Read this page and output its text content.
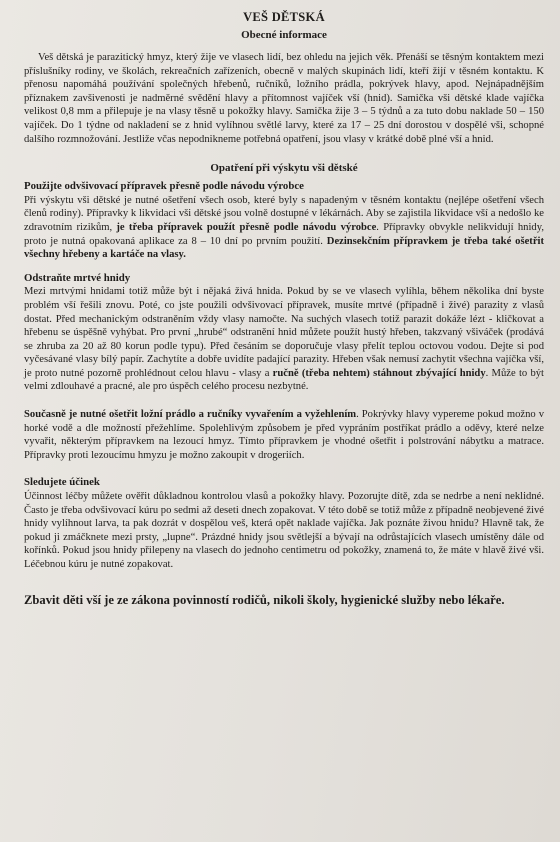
VEŠ DĚTSKÁ
Obecné informace

Veš dětská je parazitický hmyz, který žije ve vlasech lidí, bez ohledu na jejich věk. Přenáší se těsným kontaktem mezi příslušníky rodiny, ve školách, rekreačních zařízeních, obecně v malých skupinách lidí, kteří žijí v těsném kontaktu. K přenosu napomáhá používání společných hřebenů, ručníků, ložního prádla, pokrývek hlavy, apod. Nejnápadnějším příznakem zavšivenosti je nadměrné svědění hlavy a přítomnost vajíček vší (hnid). Samička vši dětské klade vajíčka velikost 0,8 mm a přilepuje je na vlasy těsně u pokožky hlavy. Samička žije 3 – 5 týdnů a za tuto dobu naklade 50 – 150 vajíček. Do 1 týdne od nakladení se z hnid vylíhnou světlé larvy, které za 17 – 25 dní dorostou v dospělé vši, schopné dalšího rozmnožování. Jestliže včas nepodnikneme potřebná opatření, jsou vlasy v krátké době plné vší a hnid.

Opatření při výskytu vši dětské
Použijte odvšivovací přípravek přesně podle návodu výrobce

Při výskytu vši dětské je nutné ošetření všech osob, které byly s napadeným v těsném kontaktu (nejlépe ošetření všech členů rodiny). Přípravky k likvidaci vši dětské jsou volně dostupné v lékárnách. Aby se zajistila likvidace vší a nedošlo ke zdravotním rizikům, je třeba přípravek použít přesně podle návodu výrobce. Přípravky obvykle nelikvidují hnidy, proto je nutná opakovaná aplikace za 8 – 10 dní po prvním použití. Dezinsekčním přípravkem je třeba také ošetřit všechny hřebeny a kartáče na vlasy.

Odstraňte mrtvé hnidy

Mezi mrtvými hnidami totiž může být i nějaká živá hnida. Pokud by se ve vlasech vylíhla, během několika dní byste problém vší řešili znovu. Poté, co jste použili odvšivovací přípravek, musíte mrtvé (případně i živé) parazity z vlasů dostat. Před mechanickým odstraněním vždy vlasy namočte. Na suchých vlasech totiž parazit dokáže lézt - kličkovat a hřebenu se úspěšně vyhýbat. Pro první „hrubé“ odstranění hnid můžete použít hustý hřeben, takzvaný všiváček (prodává se zhruba za 20 až 80 korun podle typu). Před česáním se doporučuje vlasy přelít teplou octovou vodou. Dejte si pod vyčesávané vlasy bílý papír. Zachytíte a dobře uvidíte padající parazity. Hřeben však nemusí zachytit všechna vajíčka vší, je proto nutné pozorně prohlédnout celou hlavu - vlasy a ručně (třeba nehtem) stáhnout zbývající hnidy. Může to být velmi zdlouhavé a pracné, ale pro úspěch celého procesu nezbytné.

Současně je nutné ošetřit ložní prádlo a ručníky vyvařením a vyžehlením. Pokrývky hlavy vypereme pokud možno v horké vodě a dle možností přežehlíme. Spolehlivým způsobem je před vypráním postříkat prádlo a oděvy, které nelze vyvařit, některým přípravkem na lezoucí hmyz. Tímto přípravkem je vhodné ošetřit i polstrování nábytku a matrace. Přípravky proti lezoucímu hmyzu je možno zakoupit v drogeriích.

Sledujete účinek

Účinnost léčby můžete ověřit důkladnou kontrolou vlasů a pokožky hlavy. Pozorujte dítě, zda se nedrbe a není neklidné. Často je třeba odvšivovací kúru po sedmi až deseti dnech zopakovat. V této době se totiž může z případně neobjevené živé hnidy vylíhnout larva, ta pak dozrát v dospělou veš, která opět naklade vajíčka. Jak poznáte živou hnidu? Hlavně tak, že pokud ji zmáčknete mezi prsty, „lupne“. Prázdné hnidy jsou světlejší a bývají na odrůstajících vlasech umístěny dále od kořínků. Pokud jsou hnidy přilepeny na vlasech do jednoho centimetru od pokožky, znamená to, že máte v hlavě živé vši. Léčebnou kúru je nutné zopakovat.

Zbavit děti vší je ze zákona povinností rodičů, nikoli školy, hygienické služby nebo lékaře.
